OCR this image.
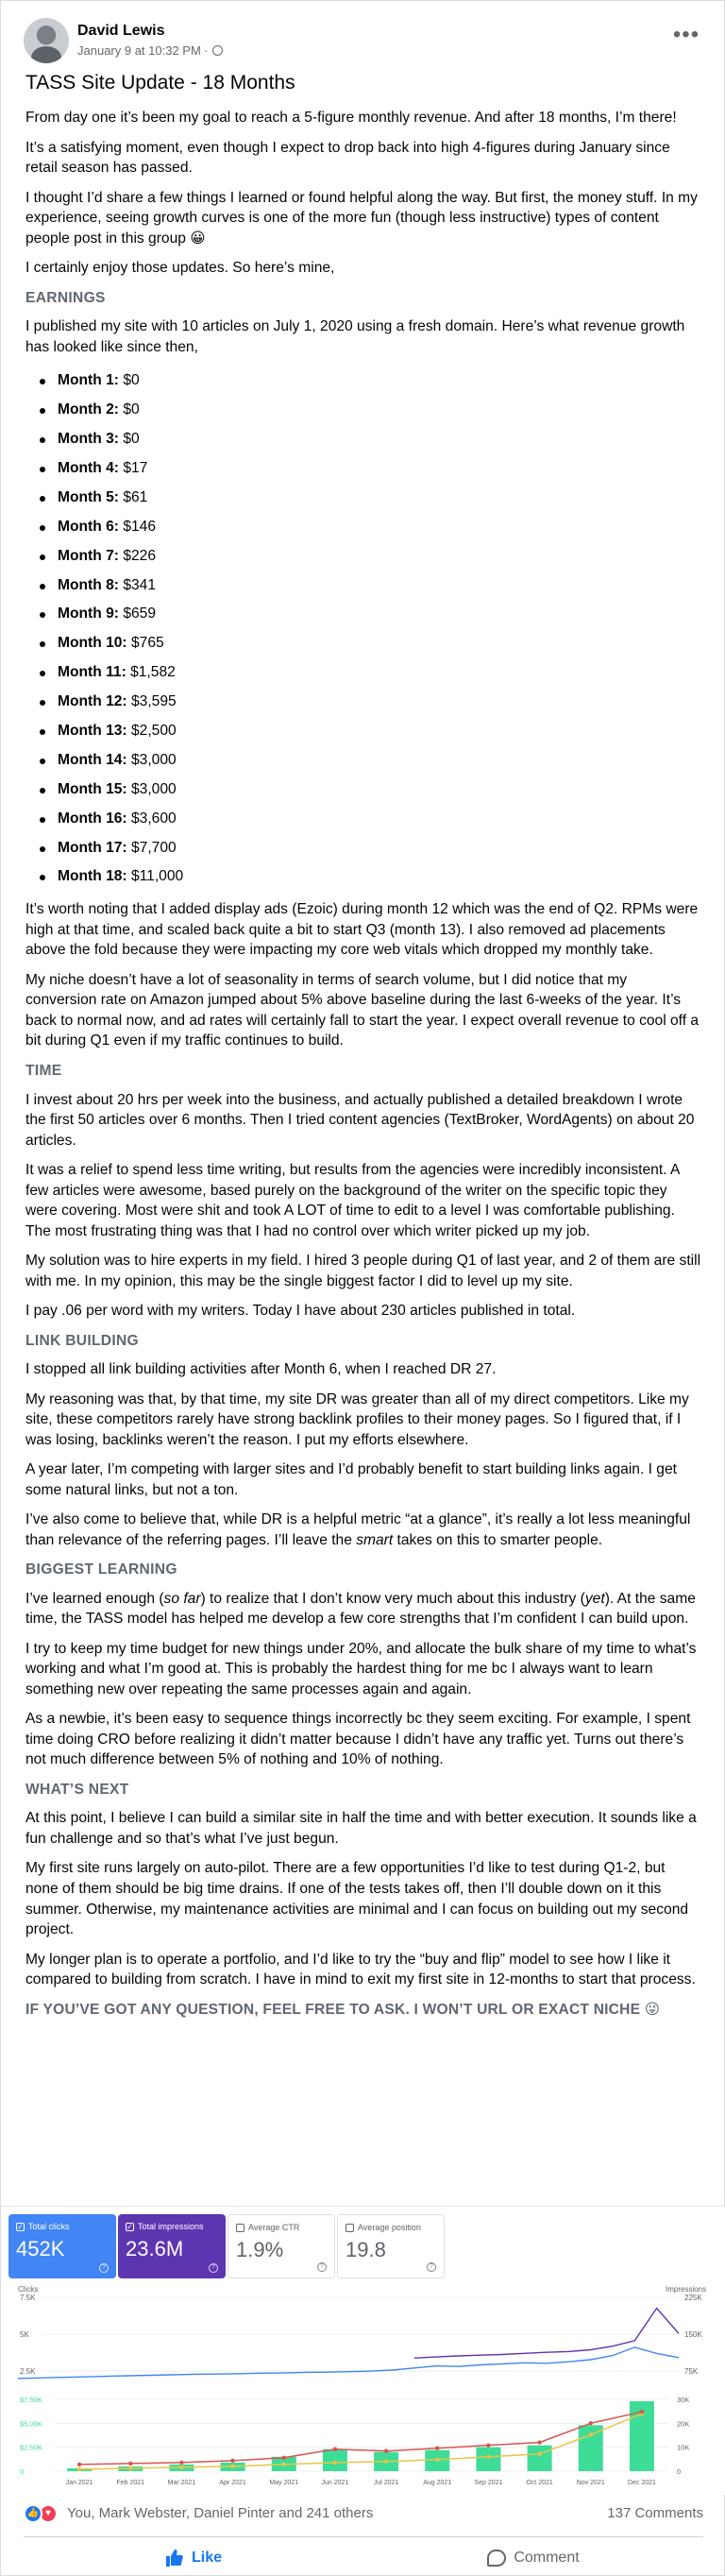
David Lewis
January 9 at 10:32 PM ·
•••
TASS Site Update - 18 Months

From day one it’s been my goal to reach a 5-figure monthly revenue. And after 18 months, I’m there!

It’s a satisfying moment, even though I expect to drop back into high 4-figures during January since retail season has passed.

I thought I’d share a few things I learned or found helpful along the way. But first, the money stuff. In my experience, seeing growth curves is one of the more fun (though less instructive) types of content people post in this group 😀

I certainly enjoy those updates. So here’s mine,

EARNINGS

I published my site with 10 articles on July 1, 2020 using a fresh domain. Here’s what revenue growth has looked like since then,

Month 1: $0
Month 2: $0
Month 3: $0
Month 4: $17
Month 5: $61
Month 6: $146
Month 7: $226
Month 8: $341
Month 9: $659
Month 10: $765
Month 11: $1,582
Month 12: $3,595
Month 13: $2,500
Month 14: $3,000
Month 15: $3,000
Month 16: $3,600
Month 17: $7,700
Month 18: $11,000

It’s worth noting that I added display ads (Ezoic) during month 12 which was the end of Q2. RPMs were high at that time, and scaled back quite a bit to start Q3 (month 13). I also removed ad placements above the fold because they were impacting my core web vitals which dropped my monthly take.

My niche doesn’t have a lot of seasonality in terms of search volume, but I did notice that my conversion rate on Amazon jumped about 5% above baseline during the last 6-weeks of the year. It’s back to normal now, and ad rates will certainly fall to start the year. I expect overall revenue to cool off a bit during Q1 even if my traffic continues to build.

TIME

I invest about 20 hrs per week into the business, and actually published a detailed breakdown I wrote the first 50 articles over 6 months. Then I tried content agencies (TextBroker, WordAgents) on about 20 articles.

It was a relief to spend less time writing, but results from the agencies were incredibly inconsistent. A few articles were awesome, based purely on the background of the writer on the specific topic they were covering. Most were shit and took A LOT of time to edit to a level I was comfortable publishing. The most frustrating thing was that I had no control over which writer picked up my job.

My solution was to hire experts in my field. I hired 3 people during Q1 of last year, and 2 of them are still with me. In my opinion, this may be the single biggest factor I did to level up my site.

I pay .06 per word with my writers. Today I have about 230 articles published in total.

LINK BUILDING

I stopped all link building activities after Month 6, when I reached DR 27.

My reasoning was that, by that time, my site DR was greater than all of my direct competitors. Like my site, these competitors rarely have strong backlink profiles to their money pages. So I figured that, if I was losing, backlinks weren’t the reason. I put my efforts elsewhere.

A year later, I’m competing with larger sites and I’d probably benefit to start building links again. I get some natural links, but not a ton.

I’ve also come to believe that, while DR is a helpful metric “at a glance”, it’s really a lot less meaningful than relevance of the referring pages. I’ll leave the smart takes on this to smarter people.

BIGGEST LEARNING

I’ve learned enough (so far) to realize that I don’t know very much about this industry (yet). At the same time, the TASS model has helped me develop a few core strengths that I’m confident I can build upon.

I try to keep my time budget for new things under 20%, and allocate the bulk share of my time to what’s working and what I’m good at. This is probably the hardest thing for me bc I always want to learn something new over repeating the same processes again and again.

As a newbie, it’s been easy to sequence things incorrectly bc they seem exciting. For example, I spent time doing CRO before realizing it didn’t matter because I didn’t have any traffic yet. Turns out there’s not much difference between 5% of nothing and 10% of nothing.

WHAT’S NEXT

At this point, I believe I can build a similar site in half the time and with better execution. It sounds like a fun challenge and so that’s what I’ve just begun.

My first site runs largely on auto-pilot. There are a few opportunities I’d like to test during Q1-2, but none of them should be big time drains. If one of the tests takes off, then I’ll double down on it this summer. Otherwise, my maintenance activities are minimal and I can focus on building out my second project.

My longer plan is to operate a portfolio, and I’d like to try the “buy and flip” model to see how I like it compared to building from scratch. I have in mind to exit my first site in 12-months to start that process.

IF YOU’VE GOT ANY QUESTION, FEEL FREE TO ASK. I WON’T URL OR EXACT NICHE 😜

✓ Total clicks
452K
?
✓ Total impressions
23.6M
?
Average CTR
1.9%
?
Average position
19.8
?
Clicks	Impressions
7.5K
5K
2.5K
225K
150K
75K
$7.50K
$5.00K
$2.50K
0
30K
20K
10K
0
Jan 2021	Feb 2021	Mar 2021	Apr 2021	May 2021	Jun 2021	Jul 2021	Aug 2021	Sep 2021	Oct 2021	Nov 2021	Dec 2021
👍 ♥	You, Mark Webster, Daniel Pinter and 241 others	137 Comments
Like	Comment
